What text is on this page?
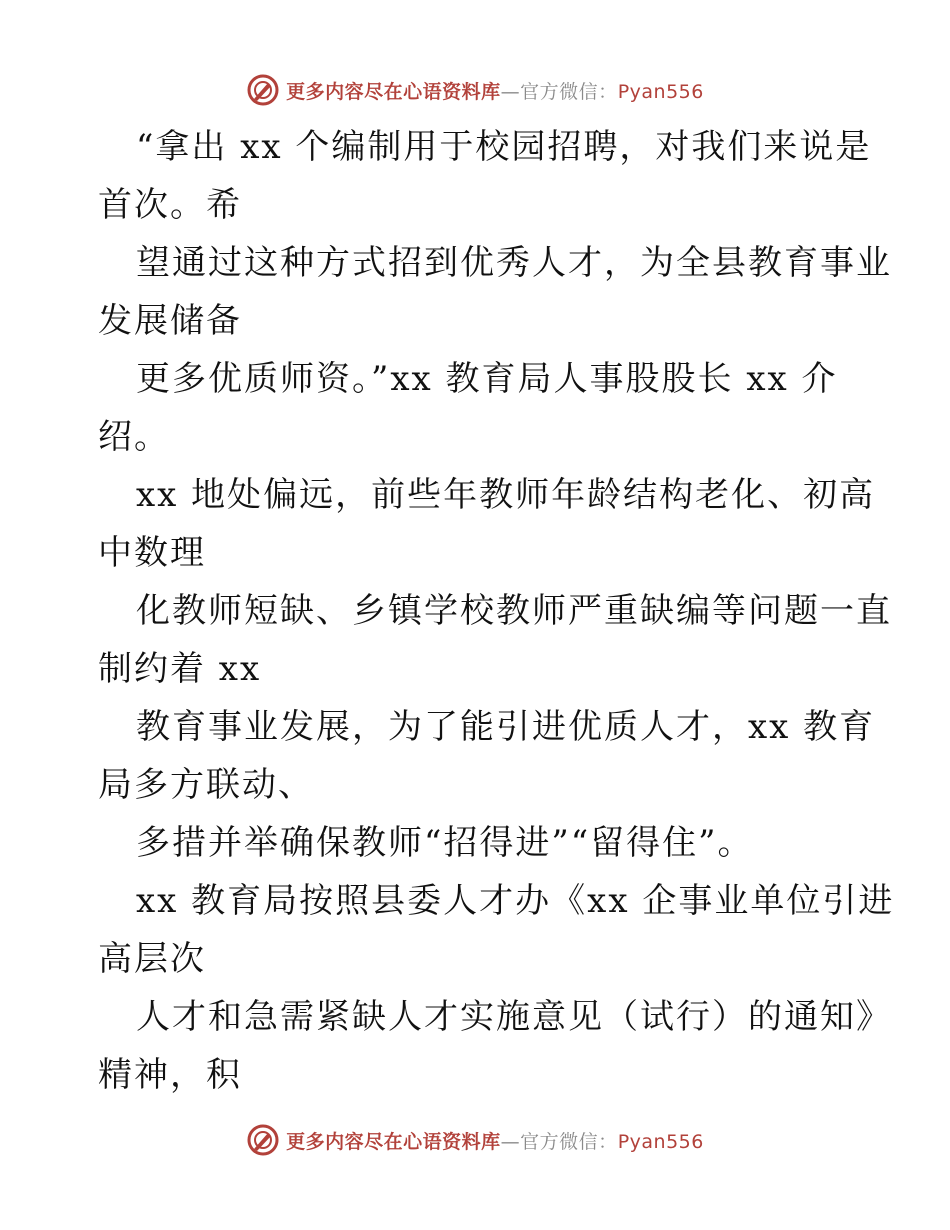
更多内容尽在心语资料库—官方微信：Pyan556
“拿出 xx 个编制用于校园招聘，对我们来说是
首次。希
望通过这种方式招到优秀人才，为全县教育事业
发展储备
更多优质师资。”xx 教育局人事股股长 xx 介
绍。
xx 地处偏远，前些年教师年龄结构老化、初高
中数理
化教师短缺、乡镇学校教师严重缺编等问题一直
制约着 xx
教育事业发展，为了能引进优质人才，xx 教育
局多方联动、
多措并举确保教师“招得进”“留得住”。
xx 教育局按照县委人才办《xx 企事业单位引进
高层次
人才和急需紧缺人才实施意见（试行）的通知》
精神，积
更多内容尽在心语资料库—官方微信：Pyan556
